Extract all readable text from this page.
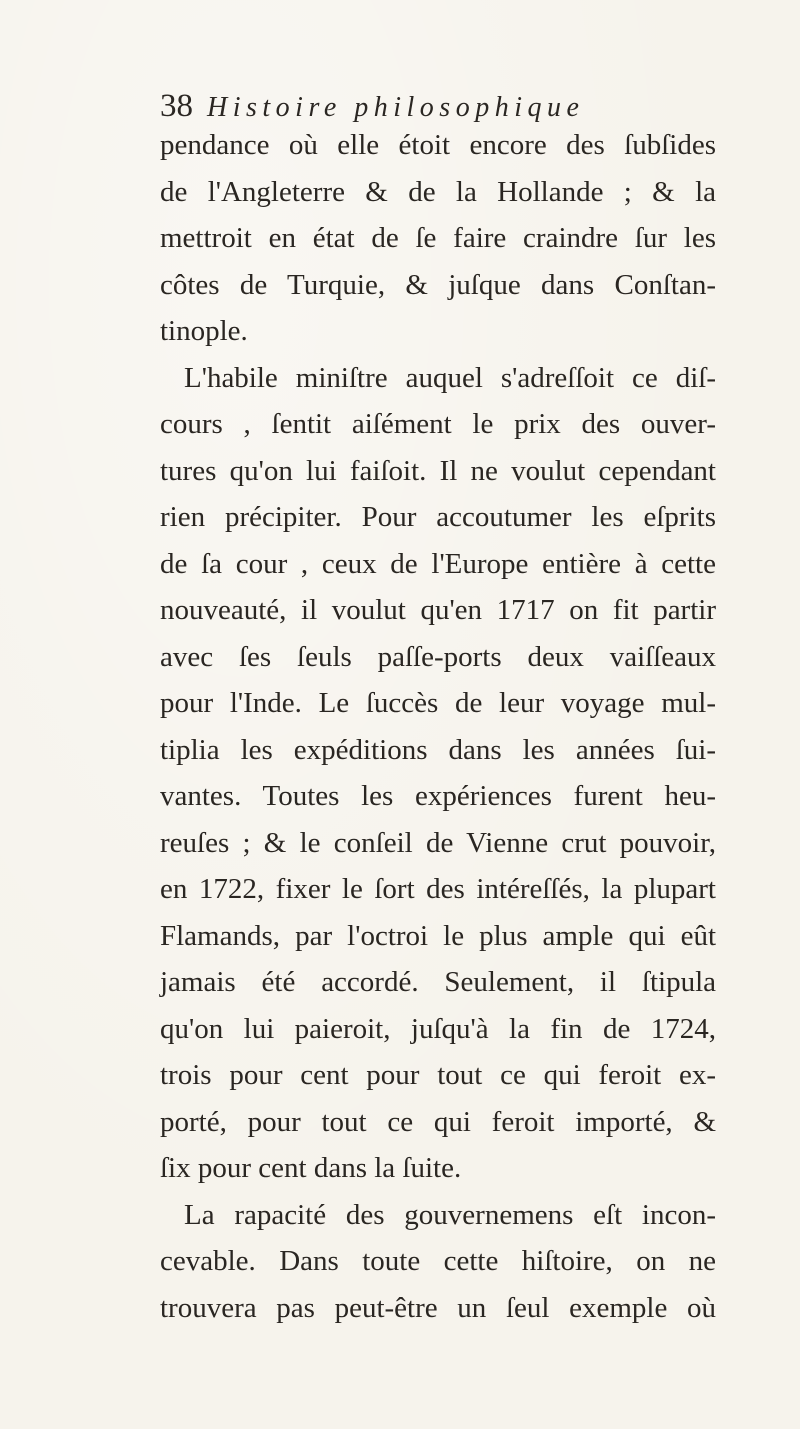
38 Histoire philosophique
pendance où elle étoit encore des ſubſides
de l'Angleterre & de la Hollande ; & la
mettroit en état de ſe faire craindre ſur les
côtes de Turquie, & juſque dans Conſtan-
tinople.
L'habile miniſtre auquel s'adreſſoit ce diſ-
cours , ſentit aiſément le prix des ouver-
tures qu'on lui faiſoit. Il ne voulut cependant
rien précipiter. Pour accoutumer les eſprits
de ſa cour , ceux de l'Europe entière à cette
nouveauté, il voulut qu'en 1717 on fit partir
avec ſes ſeuls paſſe-ports deux vaiſſeaux
pour l'Inde. Le ſuccès de leur voyage mul-
tiplia les expéditions dans les années ſui-
vantes. Toutes les expériences furent heu-
reuſes ; & le conſeil de Vienne crut pouvoir,
en 1722, fixer le ſort des intéreſſés, la plupart
Flamands, par l'octroi le plus ample qui eût
jamais été accordé. Seulement, il ſtipula
qu'on lui paieroit, juſqu'à la fin de 1724,
trois pour cent pour tout ce qui feroit ex-
porté, pour tout ce qui feroit importé, &
ſix pour cent dans la ſuite.
La rapacité des gouvernemens eſt incon-
cevable. Dans toute cette hiſtoire, on ne
trouvera pas peut-être un ſeul exemple où
